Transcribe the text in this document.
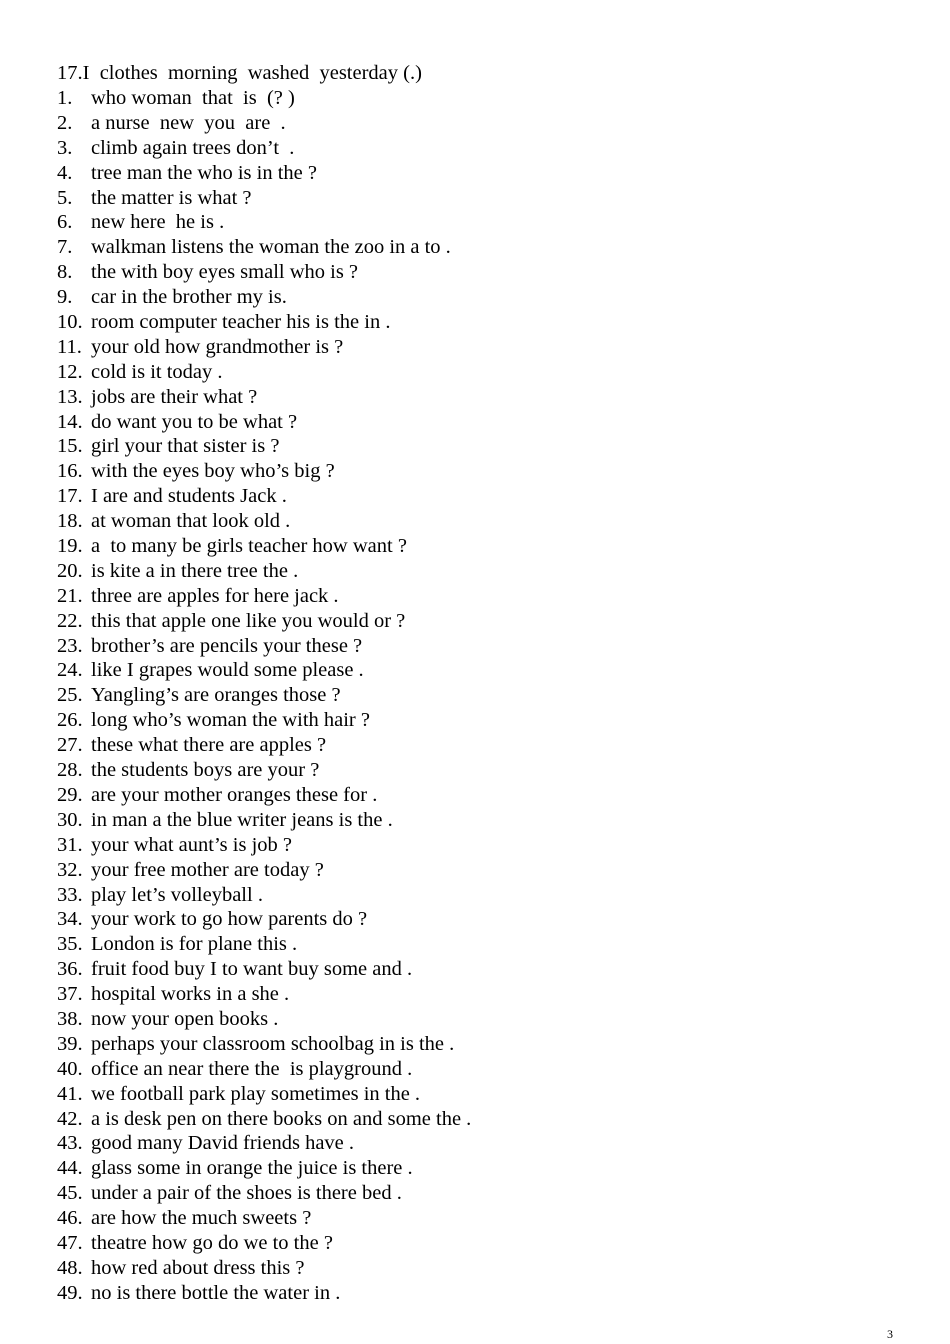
17.I  clothes  morning  washed  yesterday (.)
1. who woman  that  is  (? )
2. a nurse  new  you  are  .
3. climb again trees don’t  .
4. tree man the who is in the ?
5. the matter is what ?
6. new here  he is .
7. walkman listens the woman the zoo in a to .
8. the with boy eyes small who is ?
9. car in the brother my is.
10. room computer teacher his is the in .
11. your old how grandmother is ?
12. cold is it today .
13. jobs are their what ?
14. do want you to be what ?
15. girl your that sister is ?
16. with the eyes boy who’s big ?
17. I are and students Jack .
18. at woman that look old .
19. a  to many be girls teacher how want ?
20. is kite a in there tree the .
21. three are apples for here jack .
22. this that apple one like you would or ?
23. brother’s are pencils your these ?
24. like I grapes would some please .
25. Yangling’s are oranges those ?
26. long who’s woman the with hair ?
27. these what there are apples ?
28. the students boys are your ?
29. are your mother oranges these for .
30. in man a the blue writer jeans is the .
31. your what aunt’s is job ?
32. your free mother are today ?
33. play let’s volleyball .
34. your work to go how parents do ?
35. London is for plane this .
36. fruit food buy I to want buy some and .
37. hospital works in a she .
38. now your open books .
39. perhaps your classroom schoolbag in is the .
40. office an near there the  is playground .
41. we football park play sometimes in the .
42. a is desk pen on there books on and some the .
43. good many David friends have .
44. glass some in orange the juice is there .
45. under a pair of the shoes is there bed .
46. are how the much sweets ?
47. theatre how go do we to the ?
48. how red about dress this ?
49. no is there bottle the water in .
3
